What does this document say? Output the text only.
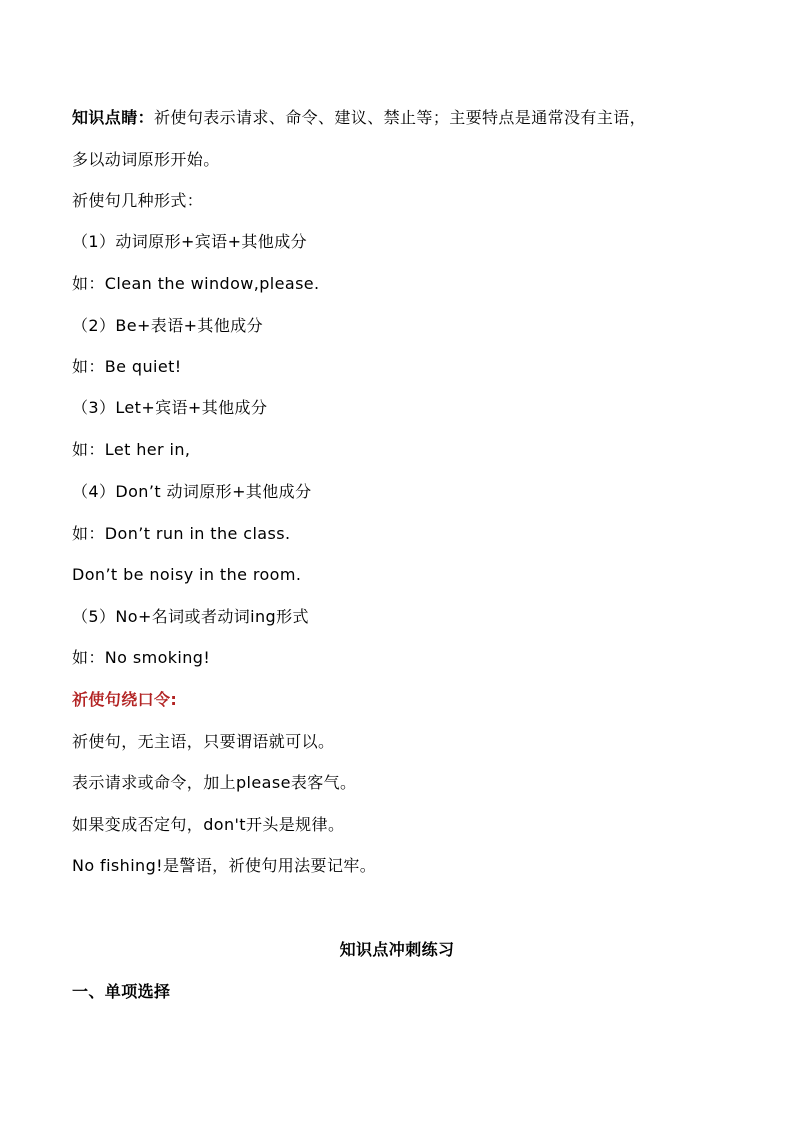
知识点睛：祈使句表示请求、命令、建议、禁止等；主要特点是通常没有主语，
多以动词原形开始。
祈使句几种形式：
（1）动词原形+宾语+其他成分
如：Clean the window,please.
（2）Be+表语+其他成分
如：Be quiet!
（3）Let+宾语+其他成分
如：Let her in,
（4）Don’t 动词原形+其他成分
如：Don’t run in the class.
Don’t be noisy in the room.
（5）No+名词或者动词ing形式
如：No smoking!
祈使句绕口令:
祈使句，无主语，只要谓语就可以。
表示请求或命令，加上please表客气。
如果变成否定句，don't开头是规律。
No fishing!是警语，祈使句用法要记牢。
知识点冲刺练习
一、单项选择
